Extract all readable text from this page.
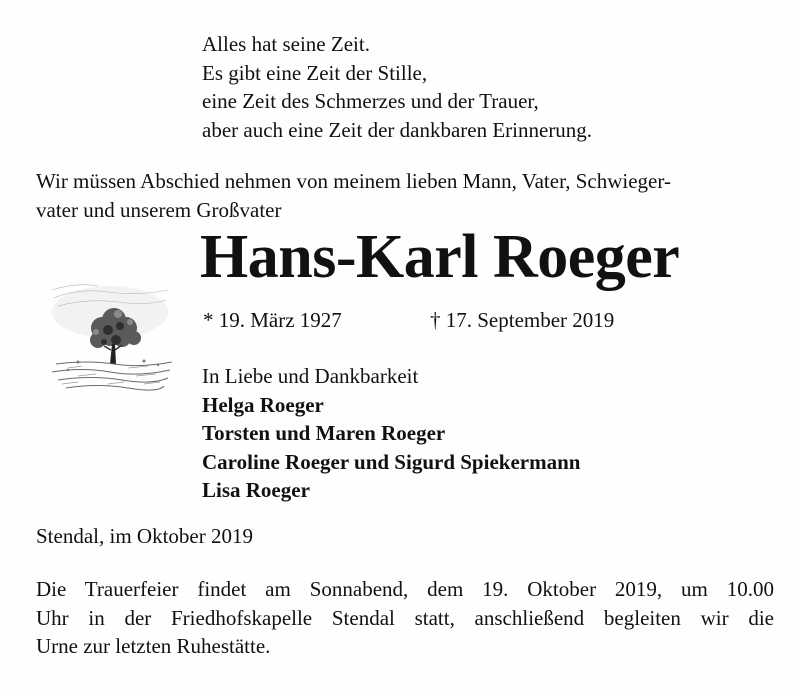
Alles hat seine Zeit.
Es gibt eine Zeit der Stille,
eine Zeit des Schmerzes und der Trauer,
aber auch eine Zeit der dankbaren Erinnerung.
Wir müssen Abschied nehmen von meinem lieben Mann, Vater, Schwieger-
vater und unserem Großvater
Hans-Karl Roeger
* 19. März 1927	† 17. September 2019
In Liebe und Dankbarkeit
Helga Roeger
Torsten und Maren Roeger
Caroline Roeger und Sigurd Spiekermann
Lisa Roeger
Stendal, im Oktober 2019
Die Trauerfeier findet am Sonnabend, dem 19. Oktober 2019, um 10.00
Uhr in der Friedhofskapelle Stendal statt, anschließend begleiten wir die
Urne zur letzten Ruhestätte.
